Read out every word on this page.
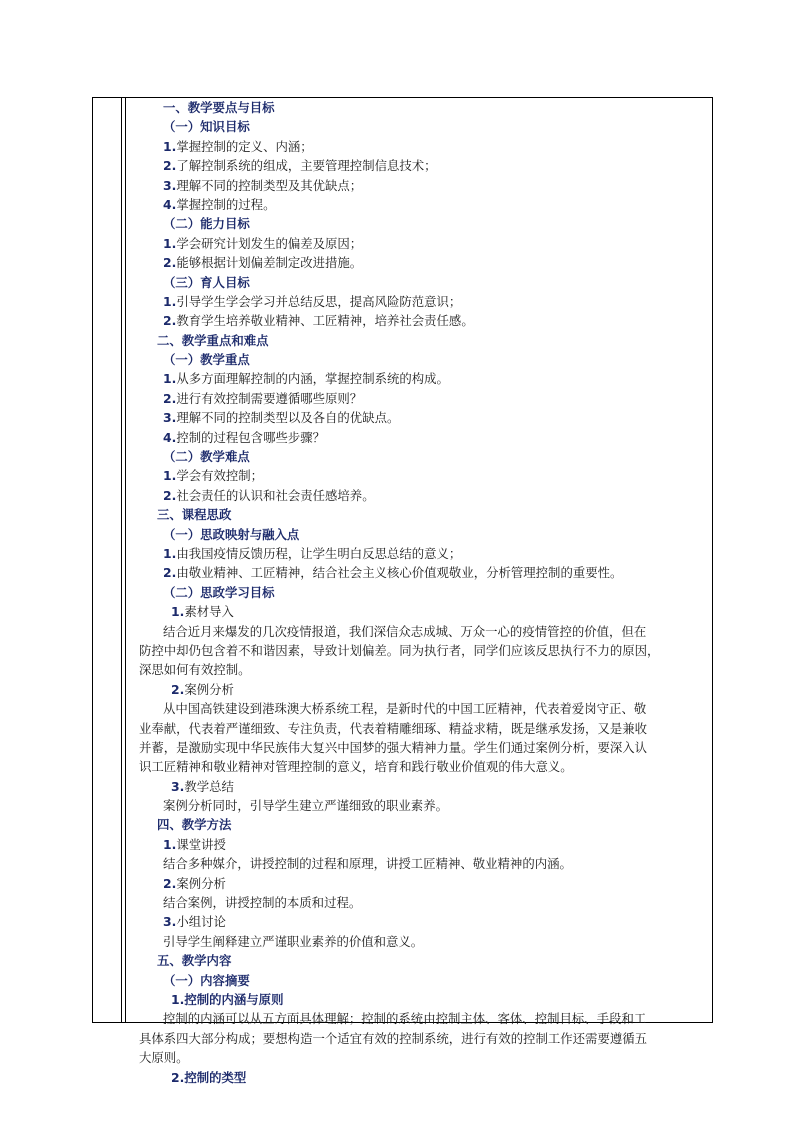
一、教学要点与目标
（一）知识目标
1.掌握控制的定义、内涵；
2.了解控制系统的组成，主要管理控制信息技术；
3.理解不同的控制类型及其优缺点；
4.掌握控制的过程。
（二）能力目标
1.学会研究计划发生的偏差及原因；
2.能够根据计划偏差制定改进措施。
（三）育人目标
1.引导学生学会学习并总结反思，提高风险防范意识；
2.教育学生培养敬业精神、工匠精神，培养社会责任感。
二、教学重点和难点
（一）教学重点
1.从多方面理解控制的内涵，掌握控制系统的构成。
2.进行有效控制需要遵循哪些原则？
3.理解不同的控制类型以及各自的优缺点。
4.控制的过程包含哪些步骤？
（二）教学难点
1.学会有效控制；
2.社会责任的认识和社会责任感培养。
三、课程思政
（一）思政映射与融入点
1.由我国疫情反馈历程，让学生明白反思总结的意义；
2.由敬业精神、工匠精神，结合社会主义核心价值观敬业，分析管理控制的重要性。
（二）思政学习目标
1.素材导入
结合近月来爆发的几次疫情报道，我们深信众志成城、万众一心的疫情管控的价值，但在
防控中却仍包含着不和谐因素，导致计划偏差。同为执行者，同学们应该反思执行不力的原因，
深思如何有效控制。
2.案例分析
从中国高铁建设到港珠澳大桥系统工程，是新时代的中国工匠精神，代表着爱岗守正、敬
业奉献，代表着严谨细致、专注负责，代表着精雕细琢、精益求精，既是继承发扬，又是兼收
并蓄，是激励实现中华民族伟大复兴中国梦的强大精神力量。学生们通过案例分析，要深入认
识工匠精神和敬业精神对管理控制的意义，培育和践行敬业价值观的伟大意义。
3.教学总结
案例分析同时，引导学生建立严谨细致的职业素养。
四、教学方法
1.课堂讲授
结合多种媒介，讲授控制的过程和原理，讲授工匠精神、敬业精神的内涵。
2.案例分析
结合案例，讲授控制的本质和过程。
3.小组讨论
引导学生阐释建立严谨职业素养的价值和意义。
五、教学内容
（一）内容摘要
1.控制的内涵与原则
控制的内涵可以从五方面具体理解；控制的系统由控制主体、客体、控制目标、手段和工
具体系四大部分构成；要想构造一个适宜有效的控制系统，进行有效的控制工作还需要遵循五
大原则。
2.控制的类型
